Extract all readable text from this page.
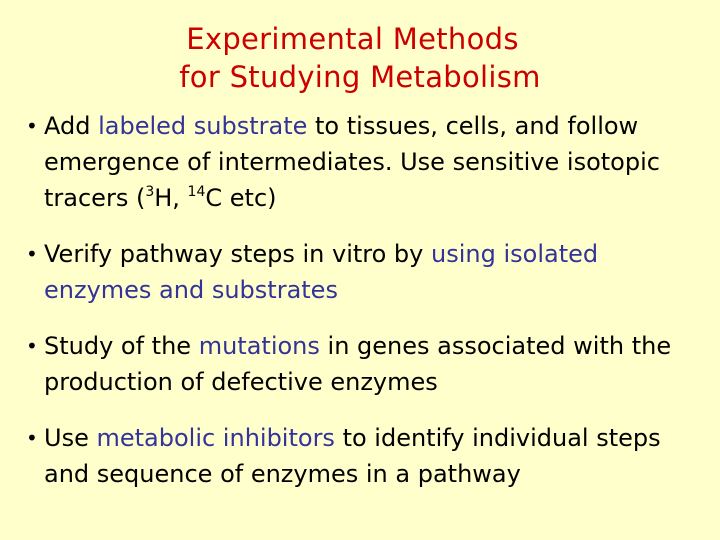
Experimental Methods
for Studying Metabolism
• Add labeled substrate to tissues, cells, and follow emergence of intermediates. Use sensitive isotopic tracers ($^3$H, $^{14}$C etc)
• Verify pathway steps in vitro by using isolated enzymes and substrates
• Study of the mutations in genes associated with the production of defective enzymes
• Use metabolic inhibitors to identify individual steps and sequence of enzymes in a pathway
